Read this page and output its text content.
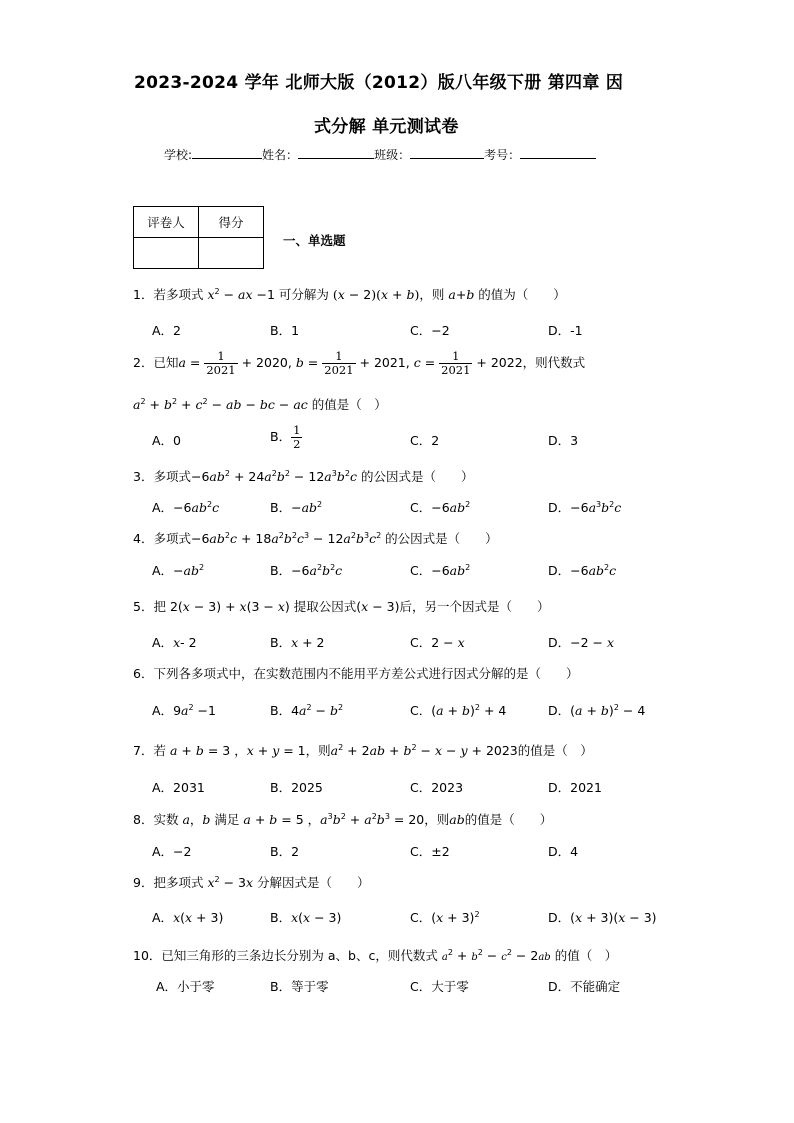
2023-2024 学年 北师大版（2012）版八年级下册 第四章 因
式分解 单元测试卷
学校:	姓名：	班级：	考号：
评卷人	得分

一、单选题
1．若多项式 $x^2$ − ax −1 可分解为 (x − 2)(x + b)，则 a+b 的值为（　　）
A．2	B．1	C．−2	D．-1
2．已知$a = \frac{1}{2021} + 2020$, $b = \frac{1}{2021} + 2021$, $c = \frac{1}{2021} + 2022$，则代数式
$a^2 + b^2 + c^2$ − ab − bc − ac 的值是（　）
A．0	B． $\frac{1}{2}$	C．2	D．3
3．多项式$-6ab^2 + 24a^2b^2 - 12a^3b^2c$ 的公因式是（　　）
A．$-6ab^2c$	B．$-ab^2$	C．$-6ab^2$	D．$-6a^3b^2c$
4．多项式$-6ab^2c + 18a^2b^2c^3 - 12a^2b^3c^2$ 的公因式是（　　）
A．$-ab^2$	B．$-6a^2b^2c$	C．$-6ab^2$	D．$-6ab^2c$
5．把 2(x − 3) + x(3 − x) 提取公因式(x − 3)后，另一个因式是（　　）
A．x- 2	B．x + 2	C．2 − x	D．−2 − x
6．下列各多项式中，在实数范围内不能用平方差公式进行因式分解的是（　　）
A．$9a^2 -1$	B．$4a^2 - b^2$	C．$(a + b)^2 + 4$	D．$(a + b)^2 - 4$
7．若 a + b = 3 ，x + y = 1，则$a^2 + 2ab + b^2 - x - y + 2023$的值是（　）
A．2031	B．2025	C．2023	D．2021
8．实数 a，b 满足 a + b = 5 ，$a^3b^2 + a^2b^3 = 20$，则ab的值是（　　）
A．−2	B．2	C．±2	D．4
9．把多项式 $x^2 - 3x$ 分解因式是（　　）
A．x(x + 3)	B．x(x − 3)	C．$(x + 3)^2$	D．(x + 3)(x − 3)
10．已知三角形的三条边长分别为 a、b、c，则代数式 $a^2 + b^2 - c^2 - 2ab$ 的值（　）
A．小于零	B．等于零	C．大于零	D．不能确定
